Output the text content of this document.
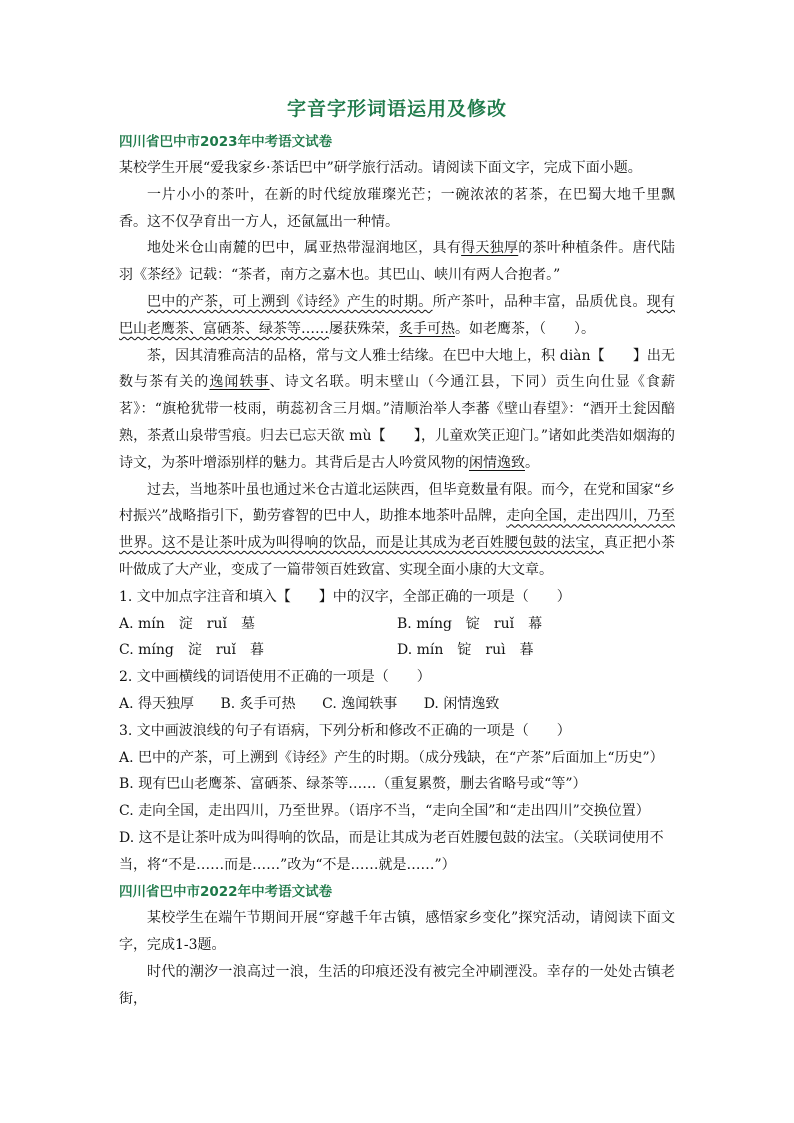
字音字形词语运用及修改
四川省巴中市2023年中考语文试卷

某校学生开展“爱我家乡·茶话巴中”研学旅行活动。请阅读下面文字，完成下面小题。

一片小小的茶叶，在新的时代绽放璀璨光芒；一碗浓浓的茗茶，在巴蜀大地千里飘香。这不仅孕育出一方人，还氤氲出一种情。

地处米仓山南麓的巴中，属亚热带湿润地区，具有得天独厚的茶叶种植条件。唐代陆羽《茶经》记载：“茶者，南方之嘉木也。其巴山、峡川有两人合抱者。”

巴中的产茶，可上溯到《诗经》产生的时期。所产茶叶，品种丰富，品质优良。现有巴山老鹰茶、富硒茶、绿茶等……屡获殊荣，炙手可热。如老鹰茶，（　　）。

茶，因其清雅高洁的品格，常与文人雅士结缘。在巴中大地上，积 diàn【　　】出无数与茶有关的逸闻轶事、诗文名联。明末壁山（今通江县，下同）贡生向仕显《食薪茗》：“旗枪犹带一枝雨，萌蕊初含三月烟。”清顺治举人李蕃《壁山春望》：“酒开土瓮因醅熟，茶煮山泉带雪痕。归去已忘天欲 mù【　　】，儿童欢笑正迎门。”诸如此类浩如烟海的诗文，为茶叶增添别样的魅力。其背后是古人吟赏风物的闲情逸致。

过去，当地茶叶虽也通过米仓古道北运陕西，但毕竟数量有限。而今，在党和国家“乡村振兴”战略指引下，勤劳睿智的巴中人，助推本地茶叶品牌，走向全国，走出四川，乃至世界。这不是让茶叶成为叫得响的饮品，而是让其成为老百姓腰包鼓的法宝，真正把小茶叶做成了大产业，变成了一篇带领百姓致富、实现全面小康的大文章。

1. 文中加点字注音和填入【　　】中的汉字，全部正确的一项是（　　）

A. mín　淀　ruǐ　墓	B. míng　锭　ruǐ　幕
C. míng　淀　ruǐ　暮	D. mín　锭　ruì　暮

2. 文中画横线的词语使用不正确的一项是（　　）

A. 得天独厚 B. 炙手可热 C. 逸闻轶事 D. 闲情逸致

3. 文中画波浪线的句子有语病，下列分析和修改不正确的一项是（　　）

A. 巴中的产茶，可上溯到《诗经》产生的时期。（成分残缺，在“产茶”后面加上“历史”）

B. 现有巴山老鹰茶、富硒茶、绿茶等……（重复累赘，删去省略号或“等”）

C. 走向全国，走出四川，乃至世界。（语序不当，“走向全国”和“走出四川”交换位置）

D. 这不是让茶叶成为叫得响的饮品，而是让其成为老百姓腰包鼓的法宝。（关联词使用不当，将“不是……而是……”改为“不是……就是……”）

四川省巴中市2022年中考语文试卷

某校学生在端午节期间开展“穿越千年古镇，感悟家乡变化”探究活动，请阅读下面文字，完成1-3题。

时代的潮汐一浪高过一浪，生活的印痕还没有被完全冲刷湮没。幸存的一处处古镇老街，
